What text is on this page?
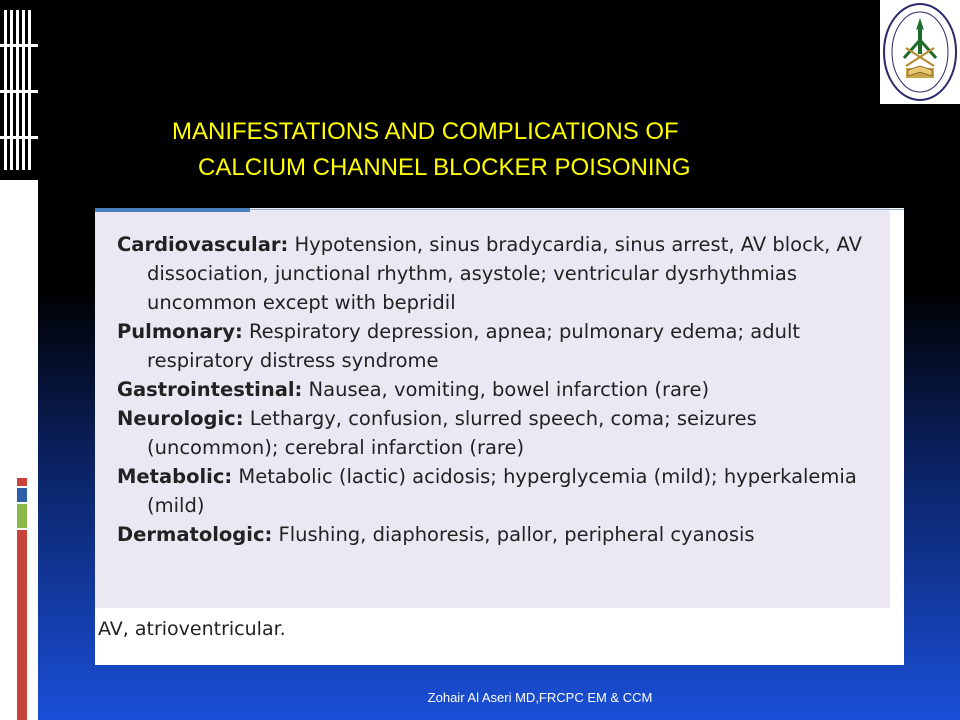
MANIFESTATIONS AND COMPLICATIONS OF
CALCIUM CHANNEL BLOCKER POISONING
Cardiovascular: Hypotension, sinus bradycardia, sinus arrest, AV block, AV dissociation, junctional rhythm, asystole; ventricular dysrhythmias uncommon except with bepridil
Pulmonary: Respiratory depression, apnea; pulmonary edema; adult respiratory distress syndrome
Gastrointestinal: Nausea, vomiting, bowel infarction (rare)
Neurologic: Lethargy, confusion, slurred speech, coma; seizures (uncommon); cerebral infarction (rare)
Metabolic: Metabolic (lactic) acidosis; hyperglycemia (mild); hyperkalemia (mild)
Dermatologic: Flushing, diaphoresis, pallor, peripheral cyanosis
AV, atrioventricular.
Zohair Al Aseri MD,FRCPC EM & CCM
